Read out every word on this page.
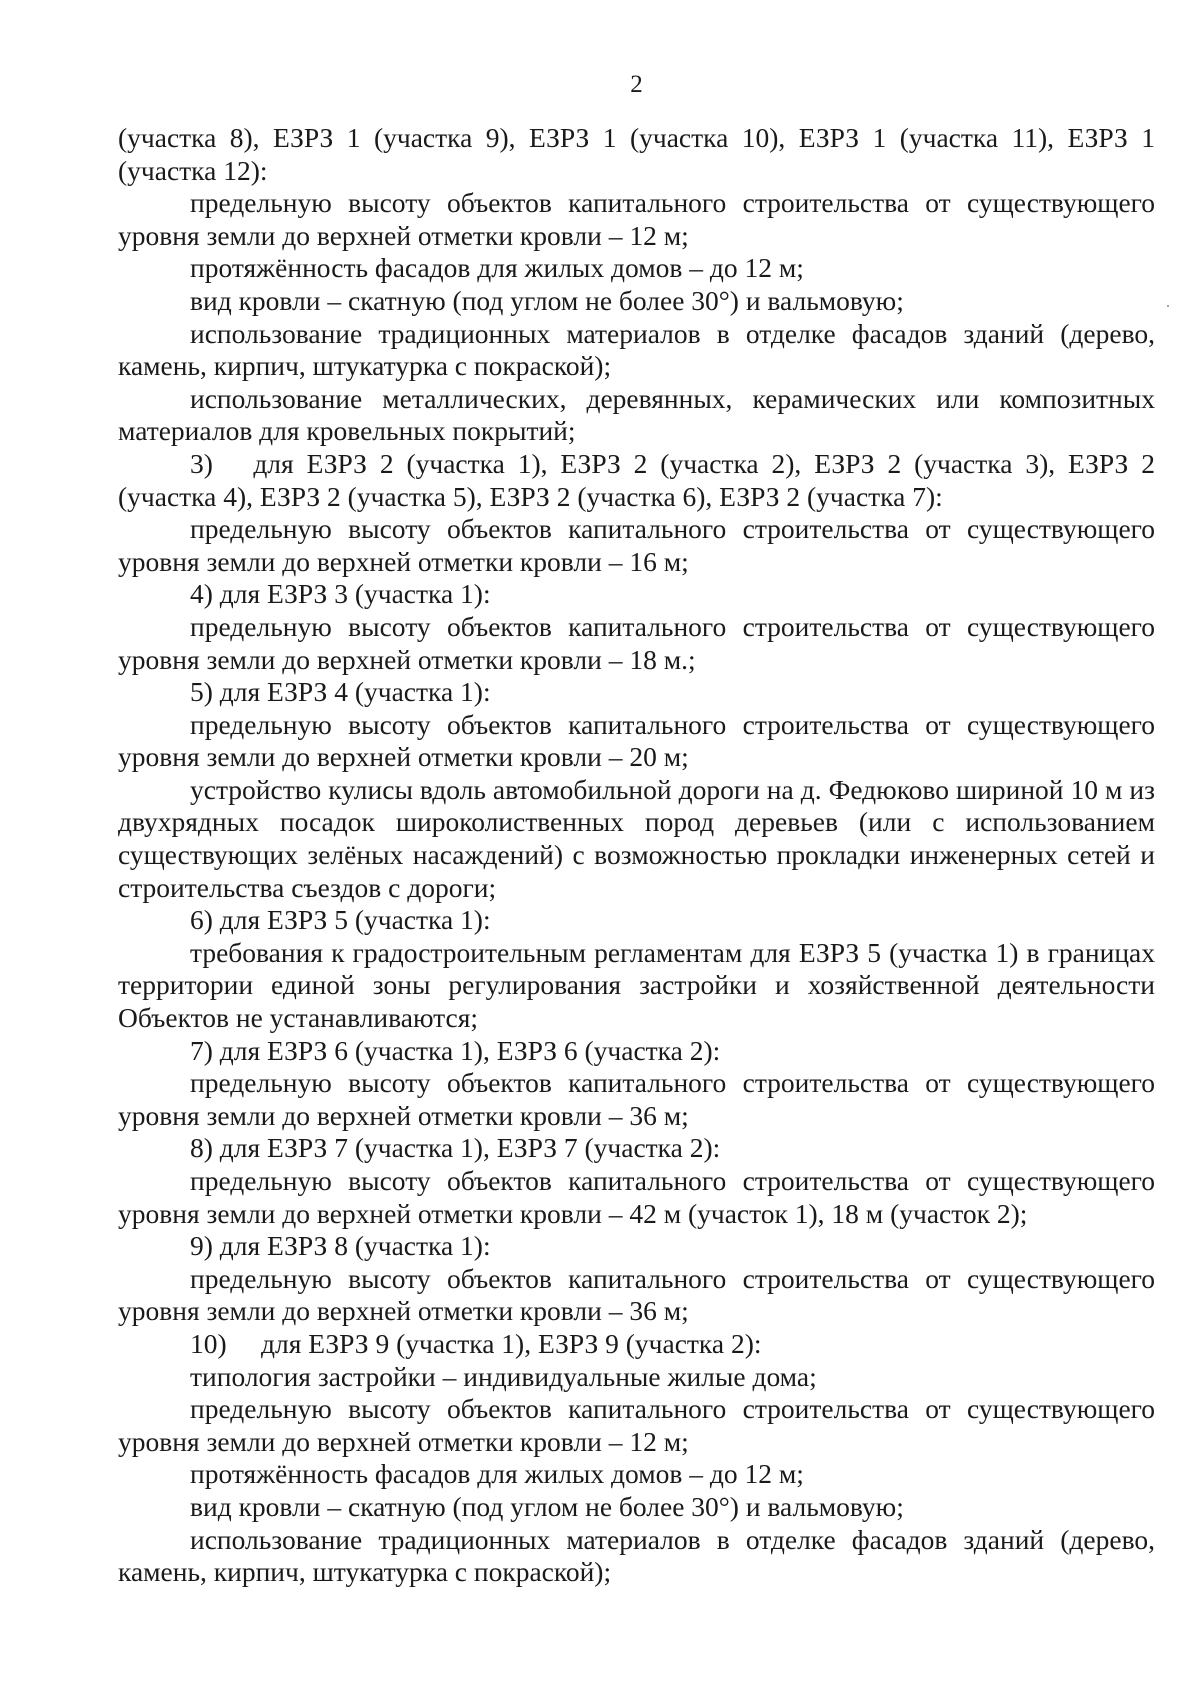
2

(участка 8), ЕЗРЗ 1 (участка 9), ЕЗРЗ 1 (участка 10), ЕЗРЗ 1 (участка 11), ЕЗРЗ 1 (участка 12):

предельную высоту объектов капитального строительства от существующего уровня земли до верхней отметки кровли – 12 м;

протяжённость фасадов для жилых домов – до 12 м;

вид кровли – скатную (под углом не более 30°) и вальмовую;

использование традиционных материалов в отделке фасадов зданий (дерево, камень, кирпич, штукатурка с покраской);

использование металлических, деревянных, керамических или композитных материалов для кровельных покрытий;

3)  для ЕЗРЗ 2 (участка 1), ЕЗРЗ 2 (участка 2), ЕЗРЗ 2 (участка 3), ЕЗРЗ 2 (участка 4), ЕЗРЗ 2 (участка 5), ЕЗРЗ 2 (участка 6), ЕЗРЗ 2 (участка 7):

предельную высоту объектов капитального строительства от существующего уровня земли до верхней отметки кровли – 16 м;

4) для ЕЗРЗ 3 (участка 1):

предельную высоту объектов капитального строительства от существующего уровня земли до верхней отметки кровли – 18 м.;

5) для ЕЗРЗ 4 (участка 1):

предельную высоту объектов капитального строительства от существующего уровня земли до верхней отметки кровли – 20 м;

устройство кулисы вдоль автомобильной дороги на д. Федюково шириной 10 м из двухрядных посадок широколиственных пород деревьев (или с использованием существующих зелёных насаждений) с возможностью прокладки инженерных сетей и строительства съездов с дороги;

6) для ЕЗРЗ 5 (участка 1):

требования к градостроительным регламентам для ЕЗРЗ 5 (участка 1) в границах территории единой зоны регулирования застройки и хозяйственной деятельности Объектов не устанавливаются;

7) для ЕЗРЗ 6 (участка 1), ЕЗРЗ 6 (участка 2):

предельную высоту объектов капитального строительства от существующего уровня земли до верхней отметки кровли – 36 м;

8) для ЕЗРЗ 7 (участка 1), ЕЗРЗ 7 (участка 2):

предельную высоту объектов капитального строительства от существующего уровня земли до верхней отметки кровли – 42 м (участок 1), 18 м (участок 2);

9) для ЕЗРЗ 8 (участка 1):

предельную высоту объектов капитального строительства от существующего уровня земли до верхней отметки кровли – 36 м;

10)  для ЕЗРЗ 9 (участка 1), ЕЗРЗ 9 (участка 2):

типология застройки – индивидуальные жилые дома;

предельную высоту объектов капитального строительства от существующего уровня земли до верхней отметки кровли – 12 м;

протяжённость фасадов для жилых домов – до 12 м;

вид кровли – скатную (под углом не более 30°) и вальмовую;

использование традиционных материалов в отделке фасадов зданий (дерево, камень, кирпич, штукатурка с покраской);
